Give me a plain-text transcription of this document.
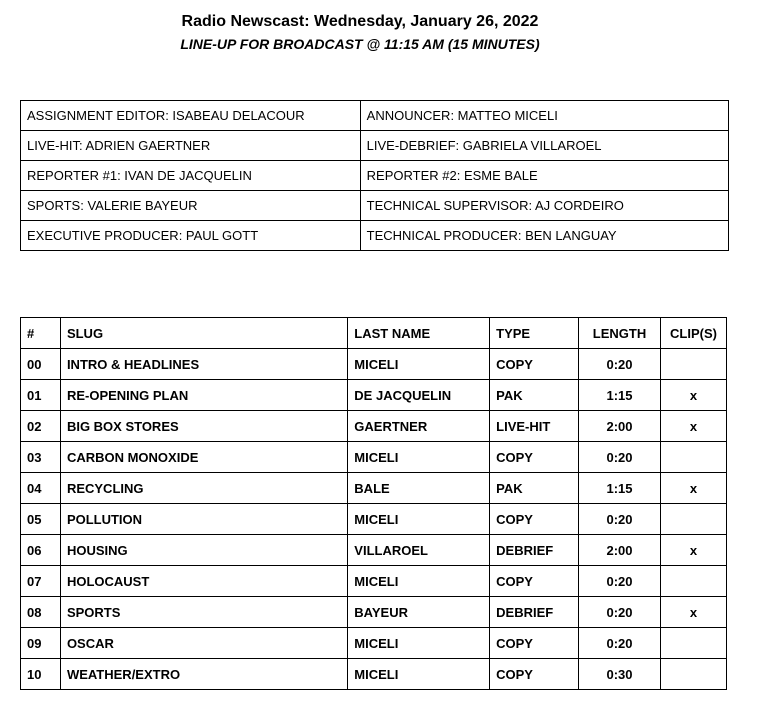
Radio Newscast: Wednesday, January 26, 2022
LINE-UP FOR BROADCAST @ 11:15 AM (15 MINUTES)
ASSIGNMENT EDITOR: ISABEAU DELACOUR	ANNOUNCER: MATTEO MICELI
LIVE-HIT: ADRIEN GAERTNER	LIVE-DEBRIEF: GABRIELA VILLAROEL
REPORTER #1: IVAN DE JACQUELIN	REPORTER #2: ESME BALE
SPORTS: VALERIE BAYEUR	TECHNICAL SUPERVISOR: AJ CORDEIRO
EXECUTIVE PRODUCER: PAUL GOTT	TECHNICAL PRODUCER: BEN LANGUAY
#	SLUG	LAST NAME	TYPE	LENGTH	CLIP(S)
00	INTRO & HEADLINES	MICELI	COPY	0:20	
01	RE-OPENING PLAN	DE JACQUELIN	PAK	1:15	x
02	BIG BOX STORES	GAERTNER	LIVE-HIT	2:00	x
03	CARBON MONOXIDE	MICELI	COPY	0:20	
04	RECYCLING	BALE	PAK	1:15	x
05	POLLUTION	MICELI	COPY	0:20	
06	HOUSING	VILLAROEL	DEBRIEF	2:00	x
07	HOLOCAUST	MICELI	COPY	0:20	
08	SPORTS	BAYEUR	DEBRIEF	0:20	x
09	OSCAR	MICELI	COPY	0:20	
10	WEATHER/EXTRO	MICELI	COPY	0:30	
